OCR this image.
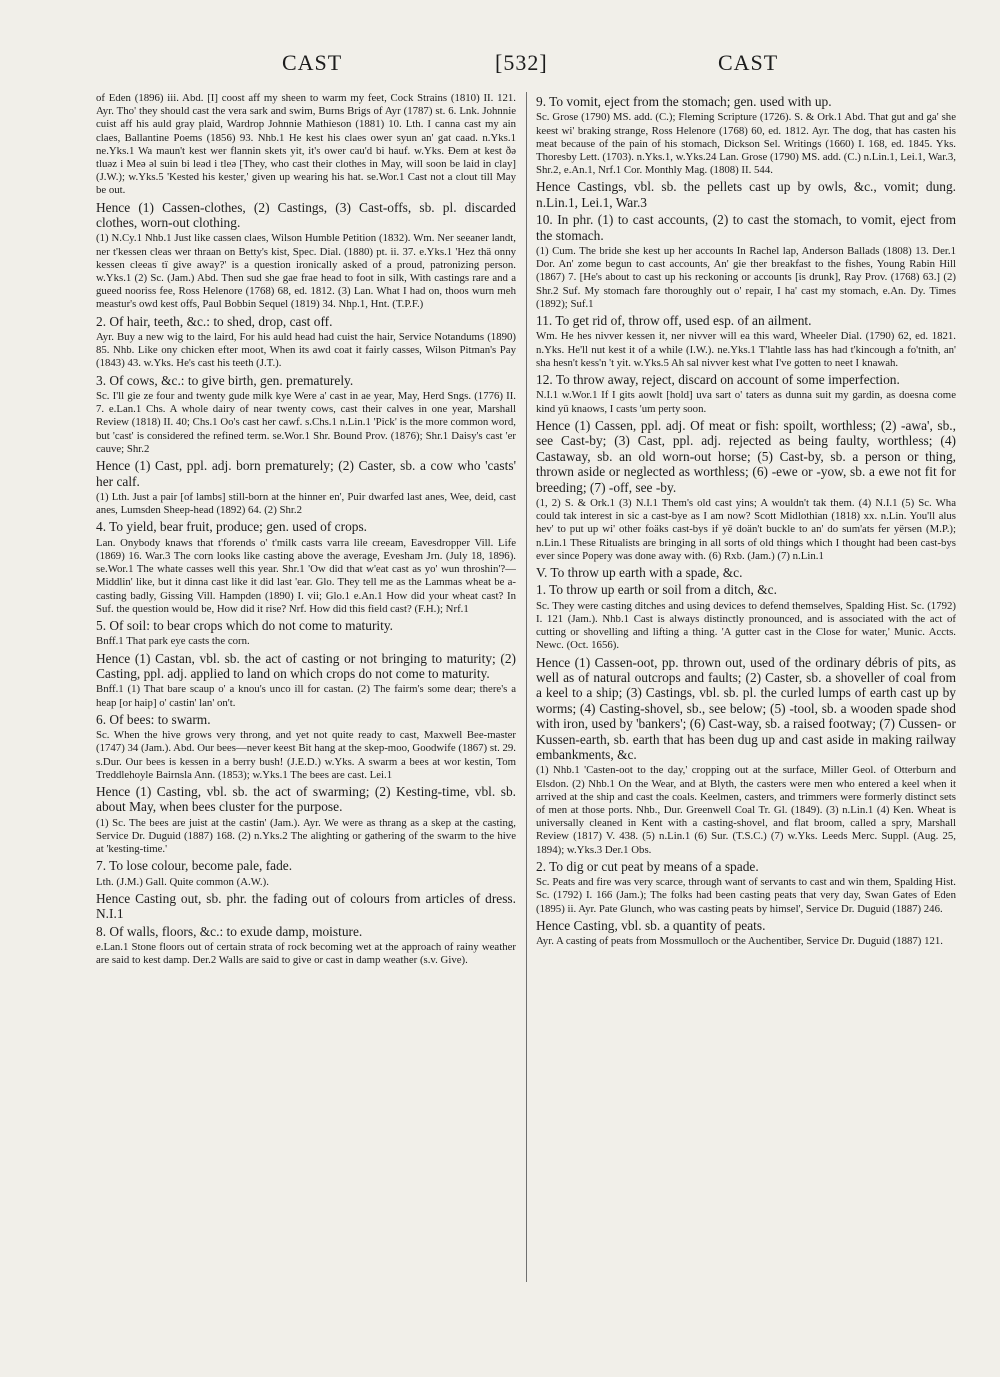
CAST	[532]	CAST

of Eden (1896) iii. Abd. [I] coost aff my sheen to warm my feet, Cock Strains (1810) II. 121. Ayr. Tho' they should cast the vera sark and swim, Burns Brigs of Ayr (1787) st. 6. Lnk. Johnnie cuist aff his auld gray plaid, Wardrop Johnnie Mathieson (1881) 10. Lth. I canna cast my ain claes, Ballantine Poems (1856) 93. Nhb.1 He kest his claes ower syun an' gat caad. n.Yks.1 ne.Yks.1 Wa maun't kest wer flannin skets yit, it's ower cau'd bi hauf. w.Yks. Ðem ət kest ðə tluəz i Meə əl suin bi leəd i tleə [They, who cast their clothes in May, will soon be laid in clay] (J.W.); w.Yks.5 'Kested his kester,' given up wearing his hat. se.Wor.1 Cast not a clout till May be out.

Hence (1) Cassen-clothes, (2) Castings, (3) Cast-offs, sb. pl. discarded clothes, worn-out clothing.

(1) N.Cy.1 Nhb.1 Just like cassen claes, Wilson Humble Petition (1832). Wm. Ner seeaner landt, ner t'kessen cleas wer thraan on Betty's kist, Spec. Dial. (1880) pt. ii. 37. e.Yks.1 'Hez thä onny kessen cleeas tï give away?' is a question ironically asked of a proud, patronizing person. w.Yks.1 (2) Sc. (Jam.) Abd. Then sud she gae frae head to foot in silk, With castings rare and a gueed nooriss fee, Ross Helenore (1768) 68, ed. 1812. (3) Lan. What I had on, thoos wurn meh meastur's owd kest offs, Paul Bobbin Sequel (1819) 34. Nhp.1, Hnt. (T.P.F.)

2. Of hair, teeth, &c.: to shed, drop, cast off.

Ayr. Buy a new wig to the laird, For his auld head had cuist the hair, Service Notandums (1890) 85. Nhb. Like ony chicken efter moot, When its awd coat it fairly casses, Wilson Pitman's Pay (1843) 43. w.Yks. He's cast his teeth (J.T.).

3. Of cows, &c.: to give birth, gen. prematurely.

Sc. I'll gie ze four and twenty gude milk kye Were a' cast in ae year, May, Herd Sngs. (1776) II. 7. e.Lan.1 Chs. A whole dairy of near twenty cows, cast their calves in one year, Marshall Review (1818) II. 40; Chs.1 Oo's cast her cawf. s.Chs.1 n.Lin.1 'Pick' is the more common word, but 'cast' is considered the refined term. se.Wor.1 Shr. Bound Prov. (1876); Shr.1 Daisy's cast 'er cauve; Shr.2

Hence (1) Cast, ppl. adj. born prematurely; (2) Caster, sb. a cow who 'casts' her calf.

(1) Lth. Just a pair [of lambs] still-born at the hinner en', Puir dwarfed last anes, Wee, deid, cast anes, Lumsden Sheep-head (1892) 64. (2) Shr.2

4. To yield, bear fruit, produce; gen. used of crops.

Lan. Onybody knaws that t'forends o' t'milk casts varra lile creeam, Eavesdropper Vill. Life (1869) 16. War.3 The corn looks like casting above the average, Evesham Jrn. (July 18, 1896). se.Wor.1 The whate casses well this year. Shr.1 'Ow did that w'eat cast as yo' wun throshin'?—Middlin' like, but it dinna cast like it did last 'ear. Glo. They tell me as the Lammas wheat be a-casting badly, Gissing Vill. Hampden (1890) I. vii; Glo.1 e.An.1 How did your wheat cast? In Suf. the question would be, How did it rise? Nrf. How did this field cast? (F.H.); Nrf.1

5. Of soil: to bear crops which do not come to maturity.

Bnff.1 That park eye casts the corn.

Hence (1) Castan, vbl. sb. the act of casting or not bringing to maturity; (2) Casting, ppl. adj. applied to land on which crops do not come to maturity.

Bnff.1 (1) That bare scaup o' a knou's unco ill for castan. (2) The fairm's some dear; there's a heap [or haip] o' castin' lan' on't.

6. Of bees: to swarm.

Sc. When the hive grows very throng, and yet not quite ready to cast, Maxwell Bee-master (1747) 34 (Jam.). Abd. Our bees—never keest Bit hang at the skep-moo, Goodwife (1867) st. 29. s.Dur. Our bees is kessen in a berry bush! (J.E.D.) w.Yks. A swarm a bees at wor kestin, Tom Treddlehoyle Bairnsla Ann. (1853); w.Yks.1 The bees are cast. Lei.1

Hence (1) Casting, vbl. sb. the act of swarming; (2) Kesting-time, vbl. sb. about May, when bees cluster for the purpose.

(1) Sc. The bees are juist at the castin' (Jam.). Ayr. We were as thrang as a skep at the casting, Service Dr. Duguid (1887) 168. (2) n.Yks.2 The alighting or gathering of the swarm to the hive at 'kesting-time.'

7. To lose colour, become pale, fade.

Lth. (J.M.) Gall. Quite common (A.W.).

Hence Casting out, sb. phr. the fading out of colours from articles of dress. N.I.1

8. Of walls, floors, &c.: to exude damp, moisture.

e.Lan.1 Stone floors out of certain strata of rock becoming wet at the approach of rainy weather are said to kest damp. Der.2 Walls are said to give or cast in damp weather (s.v. Give).

9. To vomit, eject from the stomach; gen. used with up.

Sc. Grose (1790) MS. add. (C.); Fleming Scripture (1726). S. & Ork.1 Abd. That gut and ga' she keest wi' braking strange, Ross Helenore (1768) 60, ed. 1812. Ayr. The dog, that has casten his meat because of the pain of his stomach, Dickson Sel. Writings (1660) I. 168, ed. 1845. Yks. Thoresby Lett. (1703). n.Yks.1, w.Yks.24 Lan. Grose (1790) MS. add. (C.) n.Lin.1, Lei.1, War.3, Shr.2, e.An.1, Nrf.1 Cor. Monthly Mag. (1808) II. 544.

Hence Castings, vbl. sb. the pellets cast up by owls, &c., vomit; dung. n.Lin.1, Lei.1, War.3

10. In phr. (1) to cast accounts, (2) to cast the stomach, to vomit, eject from the stomach.

(1) Cum. The bride she kest up her accounts In Rachel lap, Anderson Ballads (1808) 13. Der.1 Dor. An' zome begun to cast accounts, An' gie ther breakfast to the fishes, Young Rabin Hill (1867) 7. [He's about to cast up his reckoning or accounts [is drunk], Ray Prov. (1768) 63.] (2) Shr.2 Suf. My stomach fare thoroughly out o' repair, I ha' cast my stomach, e.An. Dy. Times (1892); Suf.1

11. To get rid of, throw off, used esp. of an ailment.

Wm. He hes nivver kessen it, ner nivver will ea this ward, Wheeler Dial. (1790) 62, ed. 1821. n.Yks. He'll nut kest it of a while (I.W.). ne.Yks.1 T'lahtle lass has had t'kincough a fo'tnith, an' sha hesn't kess'n 't yit. w.Yks.5 Ah sal nivver kest what I've gotten to neet I knawah.

12. To throw away, reject, discard on account of some imperfection.

N.I.1 w.Wor.1 If I gits aowlt [hold] uva sart o' taters as dunna suit my gardin, as doesna come kind yü knaows, I casts 'um perty soon.

Hence (1) Cassen, ppl. adj. Of meat or fish: spoilt, worthless; (2) -awa', sb., see Cast-by; (3) Cast, ppl. adj. rejected as being faulty, worthless; (4) Castaway, sb. an old worn-out horse; (5) Cast-by, sb. a person or thing, thrown aside or neglected as worthless; (6) -ewe or -yow, sb. a ewe not fit for breeding; (7) -off, see -by.

(1, 2) S. & Ork.1 (3) N.I.1 Them's old cast yins; A wouldn't tak them. (4) N.I.1 (5) Sc. Wha could tak interest in sic a cast-bye as I am now? Scott Midlothian (1818) xx. n.Lin. You'll alus hev' to put up wi' other foäks cast-bys if yë doän't buckle to an' do sum'ats fer yërsen (M.P.); n.Lin.1 These Ritualists are bringing in all sorts of old things which I thought had been cast-bys ever since Popery was done away with. (6) Rxb. (Jam.) (7) n.Lin.1

V. To throw up earth with a spade, &c.

1. To throw up earth or soil from a ditch, &c.

Sc. They were casting ditches and using devices to defend themselves, Spalding Hist. Sc. (1792) I. 121 (Jam.). Nhb.1 Cast is always distinctly pronounced, and is associated with the act of cutting or shovelling and lifting a thing. 'A gutter cast in the Close for water,' Munic. Accts. Newc. (Oct. 1656).

Hence (1) Cassen-oot, pp. thrown out, used of the ordinary débris of pits, as well as of natural outcrops and faults; (2) Caster, sb. a shoveller of coal from a keel to a ship; (3) Castings, vbl. sb. pl. the curled lumps of earth cast up by worms; (4) Casting-shovel, sb., see below; (5) -tool, sb. a wooden spade shod with iron, used by 'bankers'; (6) Cast-way, sb. a raised footway; (7) Cussen- or Kussen-earth, sb. earth that has been dug up and cast aside in making railway embankments, &c.

(1) Nhb.1 'Casten-oot to the day,' cropping out at the surface, Miller Geol. of Otterburn and Elsdon. (2) Nhb.1 On the Wear, and at Blyth, the casters were men who entered a keel when it arrived at the ship and cast the coals. Keelmen, casters, and trimmers were formerly distinct sets of men at those ports. Nhb., Dur. Greenwell Coal Tr. Gl. (1849). (3) n.Lin.1 (4) Ken. Wheat is universally cleaned in Kent with a casting-shovel, and flat broom, called a spry, Marshall Review (1817) V. 438. (5) n.Lin.1 (6) Sur. (T.S.C.) (7) w.Yks. Leeds Merc. Suppl. (Aug. 25, 1894); w.Yks.3 Der.1 Obs.

2. To dig or cut peat by means of a spade.

Sc. Peats and fire was very scarce, through want of servants to cast and win them, Spalding Hist. Sc. (1792) I. 166 (Jam.); The folks had been casting peats that very day, Swan Gates of Eden (1895) ii. Ayr. Pate Glunch, who was casting peats by himsel', Service Dr. Duguid (1887) 246.

Hence Casting, vbl. sb. a quantity of peats.

Ayr. A casting of peats from Mossmulloch or the Auchentiber, Service Dr. Duguid (1887) 121.
